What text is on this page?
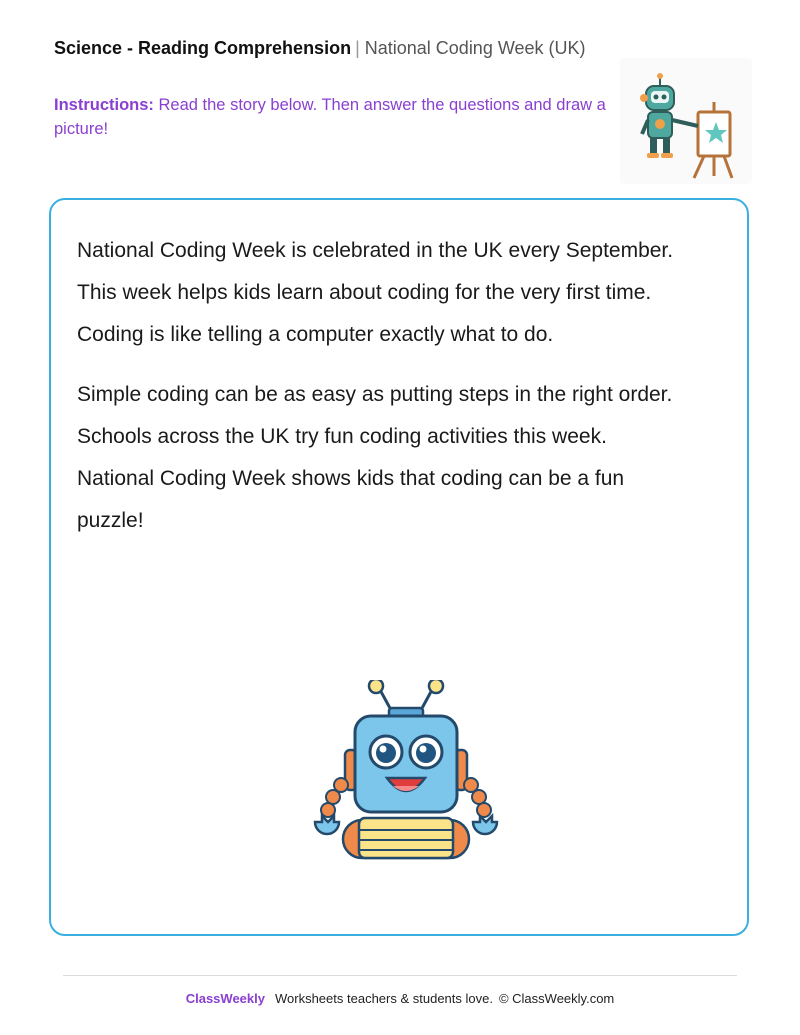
Science - Reading Comprehension | National Coding Week (UK)
Instructions: Read the story below. Then answer the questions and draw a picture!

National Coding Week is celebrated in the UK every September. This week helps kids learn about coding for the very first time. Coding is like telling a computer exactly what to do.

Simple coding can be as easy as putting steps in the right order. Schools across the UK try fun coding activities this week. National Coding Week shows kids that coding can be a fun puzzle!

ClassWeekly Worksheets teachers & students love. © ClassWeekly.com
